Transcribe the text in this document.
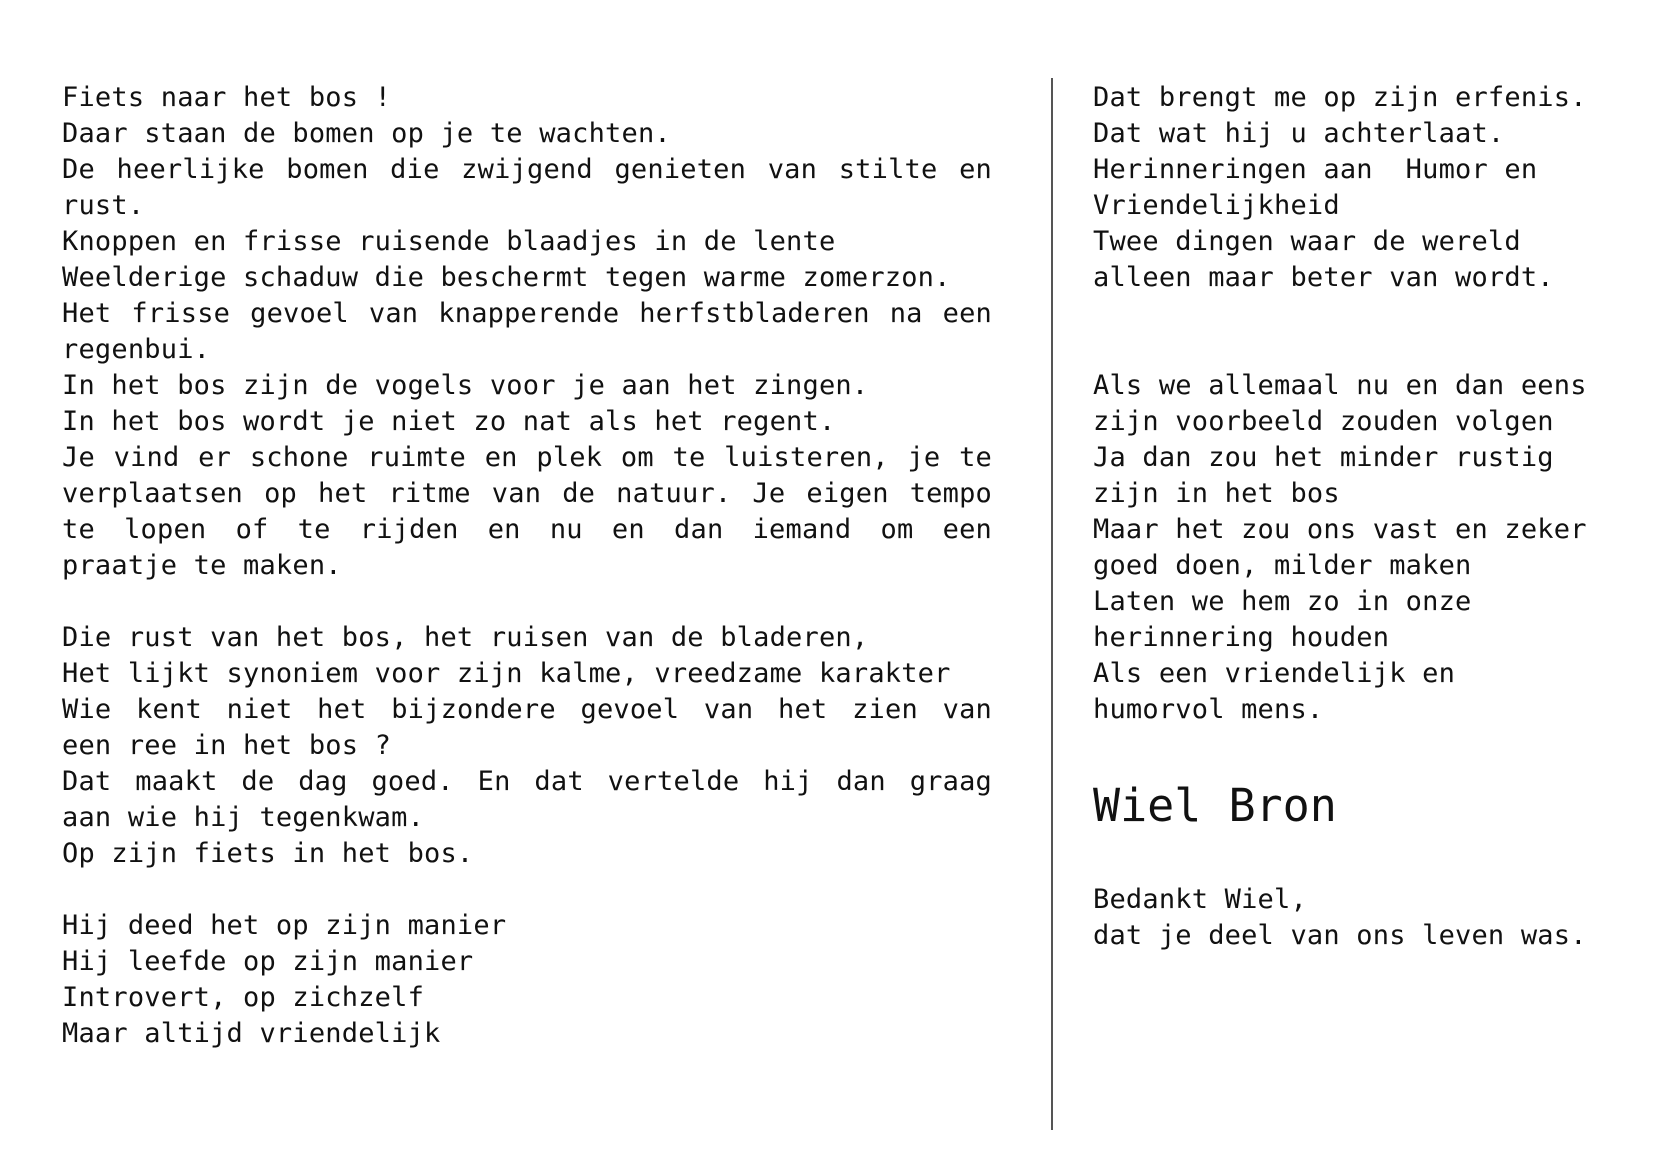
Fiets naar het bos !
Daar staan de bomen op je te wachten.
De heerlijke bomen die zwijgend genieten van stilte en
rust.
Knoppen en frisse ruisende blaadjes in de lente
Weelderige schaduw die beschermt tegen warme zomerzon.
Het frisse gevoel van knapperende herfstbladeren na een
regenbui.
In het bos zijn de vogels voor je aan het zingen.
In het bos wordt je niet zo nat als het regent.
Je vind er schone ruimte en plek om te luisteren, je te
verplaatsen op het ritme van de natuur. Je eigen tempo
te lopen of te rijden en nu en dan iemand om een
praatje te maken.
Die rust van het bos, het ruisen van de bladeren,
Het lijkt synoniem voor zijn kalme, vreedzame karakter
Wie kent niet het bijzondere gevoel van het zien van
een ree in het bos ?
Dat maakt de dag goed. En dat vertelde hij dan graag
aan wie hij tegenkwam.
Op zijn fiets in het bos.
Hij deed het op zijn manier
Hij leefde op zijn manier
Introvert, op zichzelf
Maar altijd vriendelijk
Dat brengt me op zijn erfenis.
Dat wat hij u achterlaat.
Herinneringen aan  Humor en
Vriendelijkheid
Twee dingen waar de wereld
alleen maar beter van wordt.
Als we allemaal nu en dan eens
zijn voorbeeld zouden volgen
Ja dan zou het minder rustig
zijn in het bos
Maar het zou ons vast en zeker
goed doen, milder maken
Laten we hem zo in onze
herinnering houden
Als een vriendelijk en
humorvol mens.
Wiel Bron
Bedankt Wiel,
dat je deel van ons leven was.
